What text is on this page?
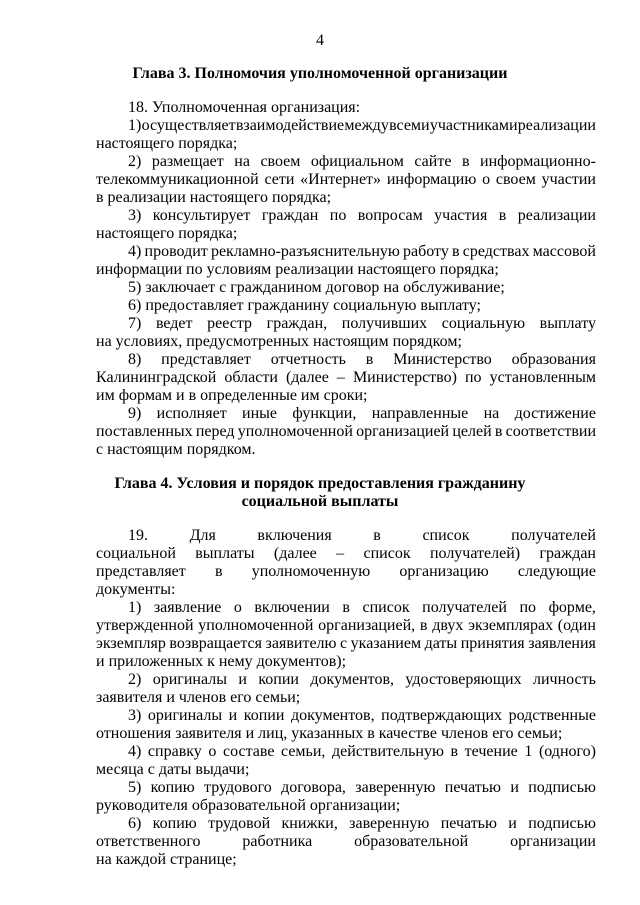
4
Глава 3. Полномочия уполномоченной организации
18. Уполномоченная организация:
1) осуществляет взаимодействие между всеми участниками реализации
настоящего порядка;
2) размещает на своем официальном сайте в информационно-
телекоммуникационной сети «Интернет» информацию о своем участии
в реализации настоящего порядка;
3) консультирует граждан по вопросам участия в реализации
настоящего порядка;
4) проводит рекламно-разъяснительную работу в средствах массовой
информации по условиям реализации настоящего порядка;
5) заключает с гражданином договор на обслуживание;
6) предоставляет гражданину социальную выплату;
7) ведет реестр граждан, получивших социальную выплату
на условиях, предусмотренных настоящим порядком;
8) представляет отчетность в Министерство образования
Калининградской области (далее – Министерство) по установленным
им формам и в определенные им сроки;
9) исполняет иные функции, направленные на достижение
поставленных перед уполномоченной организацией целей в соответствии
с настоящим порядком.
Глава 4. Условия и порядок предоставления гражданину
социальной выплаты
19.	Для	включения	в	список	получателей
социальной выплаты (далее – список получателей) граждан
представляет в уполномоченную организацию следующие
документы:
1) заявление о включении в список получателей по форме,
утвержденной уполномоченной организацией, в двух экземплярах (один
экземпляр возвращается заявителю с указанием даты принятия заявления
и приложенных к нему документов);
2) оригиналы и копии документов, удостоверяющих личность
заявителя и членов его семьи;
3) оригиналы и копии документов, подтверждающих родственные
отношения заявителя и лиц, указанных в качестве членов его семьи;
4) справку о составе семьи, действительную в течение 1 (одного)
месяца с даты выдачи;
5) копию трудового договора, заверенную печатью и подписью
руководителя образовательной организации;
6) копию трудовой книжки, заверенную печатью и подписью
ответственного	работника	образовательной	организации
на каждой странице;
